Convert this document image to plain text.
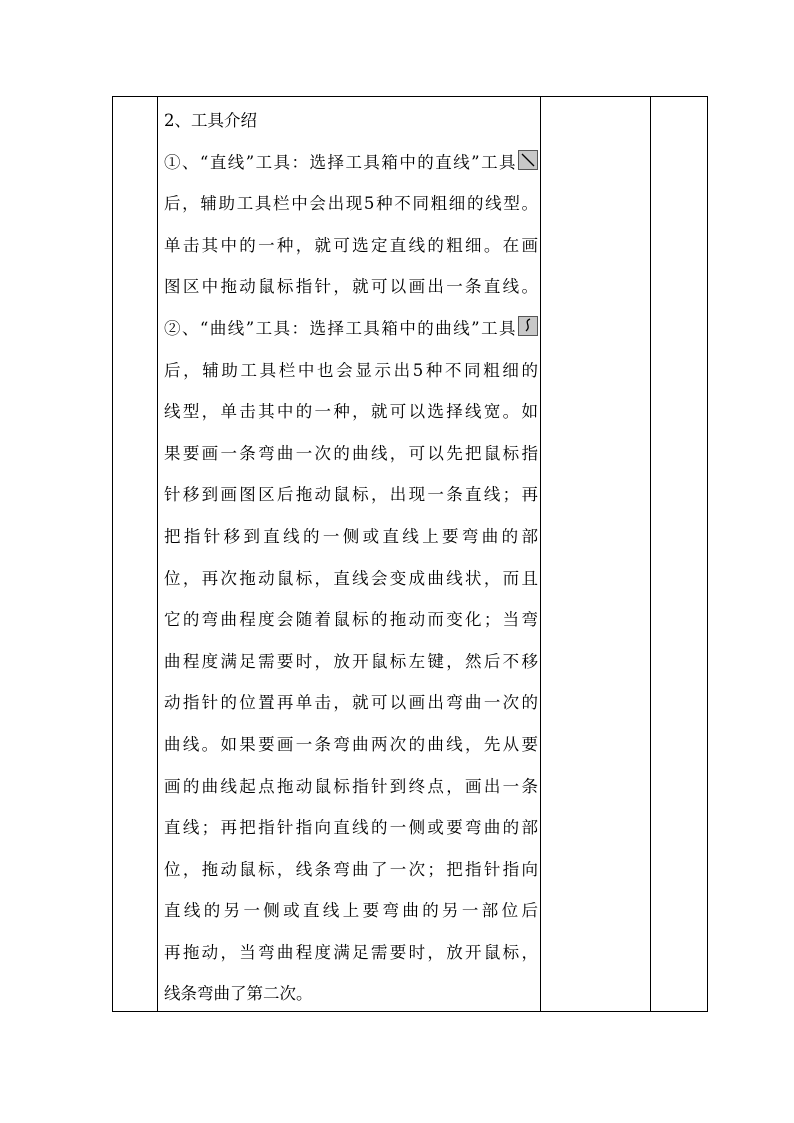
2、工具介绍
①、“直线”工具：选择工具箱中的直线”工具
后，辅助工具栏中会出现5种不同粗细的线型。
单击其中的一种，就可选定直线的粗细。在画
图区中拖动鼠标指针，就可以画出一条直线。
②、“曲线”工具：选择工具箱中的曲线”工具
后，辅助工具栏中也会显示出5种不同粗细的
线型，单击其中的一种，就可以选择线宽。如
果要画一条弯曲一次的曲线，可以先把鼠标指
针移到画图区后拖动鼠标，出现一条直线；再
把指针移到直线的一侧或直线上要弯曲的部
位，再次拖动鼠标，直线会变成曲线状，而且
它的弯曲程度会随着鼠标的拖动而变化；当弯
曲程度满足需要时，放开鼠标左键，然后不移
动指针的位置再单击，就可以画出弯曲一次的
曲线。如果要画一条弯曲两次的曲线，先从要
画的曲线起点拖动鼠标指针到终点，画出一条
直线；再把指针指向直线的一侧或要弯曲的部
位，拖动鼠标，线条弯曲了一次；把指针指向
直线的另一侧或直线上要弯曲的另一部位后
再拖动，当弯曲程度满足需要时，放开鼠标，
线条弯曲了第二次。
